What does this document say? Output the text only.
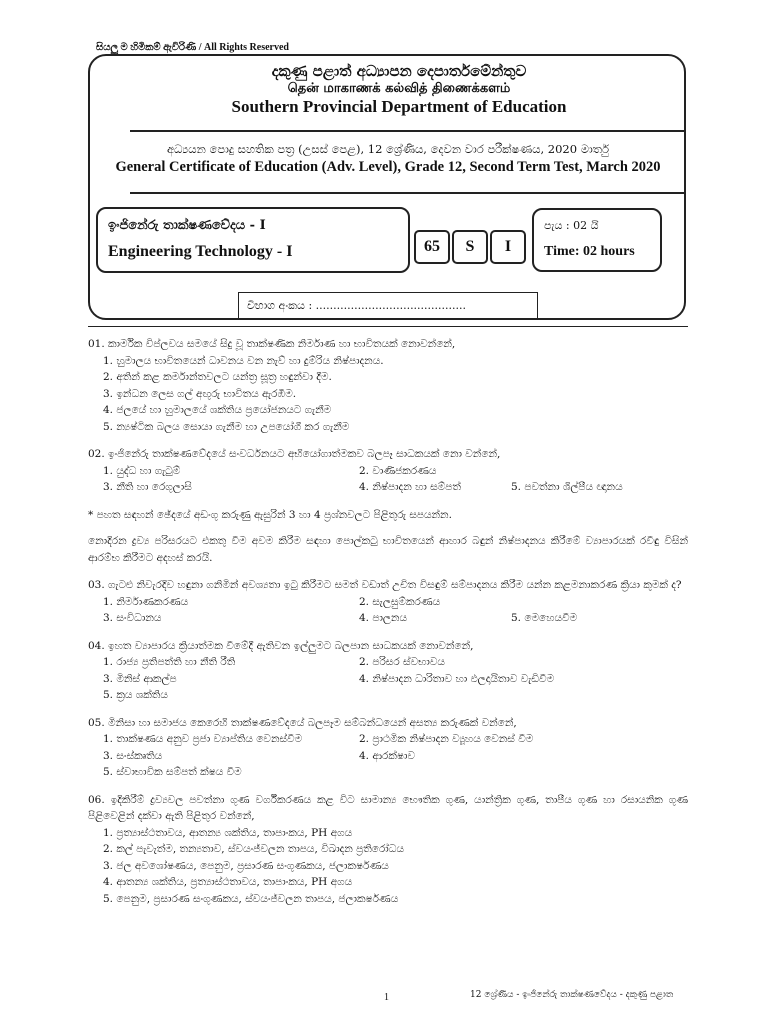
සියලු ම හිමිකම් ඇවිරිණි / All Rights Reserved
දකුණු පළාත් අධ්‍යාපන දෙපාර්තමේන්තුව
தென் மாகாணக் கல்வித் திணைக்களம்
Southern Provincial Department of Education
අධ්‍යයන පොදු සහතික පත්‍ර (උසස් පෙළ), 12 ශ්‍රේණිය, දෙවන වාර පරීක්ෂණය, 2020 මාර්තු
General Certificate of Education (Adv. Level), Grade 12, Second Term Test, March 2020
ඉංජිනේරු තාක්ෂණවේදය - I
Engineering Technology - I	65	S	I
පැය : 02 යි
Time: 02 hours
විභාග අංකය : ...........................................
01. කාර්මික විප්ලවය සමයේ සිදු වූ තාක්ෂණික නිර්මාණ හා භාවිතයක් නොවන්නේ,
1. හුමාලය භාවිතයෙන් ධාවනය වන නැව් හා දුම්රිය නිෂ්පාදනය.
2. අතින් කළ කර්මාන්තවලට යන්ත්‍ර සූත්‍ර හඳුන්වා දීම.
3. ඉන්ධන ලෙස ගල් අඟුරු භාවිතය ඇරඹීම.
4. ජලයේ හා හුමාලයේ ශක්තිය ප්‍රයෝජනයට ගැනීම
5. න්‍යෂ්ටික බලය සොයා ගැනීම හා උපයෝගී කර ගැනීම
02. ඉංජිනේරු තාක්ෂණවේදයේ සංවර්ධනයට අභියෝගාත්මකව බලපෑ සාධකයක් නො වන්නේ,
1. යුද්ධ හා ගැටුම්	2. වාණිජකරණය
3. නීති හා රෙගුලාසි	4. නිෂ්පාදන හා සම්පත්	5. පවත්නා ශිල්පීය ඥානය
* පහත සඳහන් ඡේදයේ අඩංගු කරුණු ඇසුරින් 3 හා 4 ප්‍රශ්නවලට පිළිතුරු සපයන්න.
නොදිරන ද්‍රව්‍ය පරිසරයට එකතු වීම අවම කිරීම සඳහා පොල්කටු භාවිතයෙන් ආහාර බඳුන් නිෂ්පාදනය කිරීමේ ව්‍යාපාරයක් රවීඳු විසින් ආරම්භ කිරීමට අදහස් කරයි.
03. ගැටළු නිවැරදිව හඳුනා ගනිමින් අවශ්‍යතා ඉටු කිරීමට සමත් වඩාත් උචිත විසඳුම් සම්පාදනය කිරීම යන්න කළමනාකරණ ක්‍රියා කුමක් ද?
1. නිර්මාණකරණය	2. සැලසුම්කරණය
3. සංවිධානය	4. පාලනය	5. මෙහෙයවීම
04. ඉහත ව්‍යාපාරය ක්‍රියාත්මක වීමේදී ඇතිවන ඉල්ලුමට බලපාන සාධකයක් නොවන්නේ,
1. රාජ්‍ය ප්‍රතිපත්ති හා නීති රීති	2. පරිසර ස්වභාවය
3. මිනිස් ආකල්ප	4. නිෂ්පාදන ධාරිතාව හා ඵලදායිතාව වැඩිවීම
5. ක්‍රය ශක්තිය
05. මිනිසා හා සමාජය කෙරෙහි තාක්ෂණවේදයේ බලපෑම සම්බන්ධයෙන් අසත්‍ය කරුණක් වන්නේ,
1. තාක්ෂණය අනුව ප්‍රජා ව්‍යාප්තිය වෙනස්වීම	2. ප්‍රාථමික නිෂ්පාදන ව්‍යූහය වෙනස් වීම
3. සංස්කෘතිය	4. ආරක්ෂාව
5. ස්වාභාවික සම්පත් ක්ෂය වීම
06. ඉදිකිරීම් ද්‍රව්‍යවල පවත්නා ගුණ වර්ගීකරණය කළ විට සාමාන්‍ය භෞතික ගුණ, යාන්ත්‍රික ගුණ, තාපීය ගුණ හා රසායනික ගුණ පිළිවෙළින් දක්වා ඇති පිළිතුර වන්නේ,
1. ප්‍රත්‍යාස්ථතාවය, ආතන්‍ය ශක්තිය, තාපාංකය, PH අගය
2. කල් පැවැත්ම, තන්‍යතාව, ස්වයංජ්වලන තාපය, විඛාදන ප්‍රතිරෝධය
3. ජල අවශෝෂණය, පෙනුම, ප්‍රසාරණ සංගුණකය, ජලාකර්ෂණය
4. ආතන්‍ය ශක්තිය, ප්‍රත්‍යාස්ථතාවය, තාපාංකය, PH අගය
5. පෙනුම, ප්‍රසාරණ සංගුණකය, ස්වයංජ්වලන තාපය, ජලාකර්ෂණය
1	12 ශ්‍රේණිය - ඉංජිනේරු තාක්ෂණවේදය - දකුණු පළාත
